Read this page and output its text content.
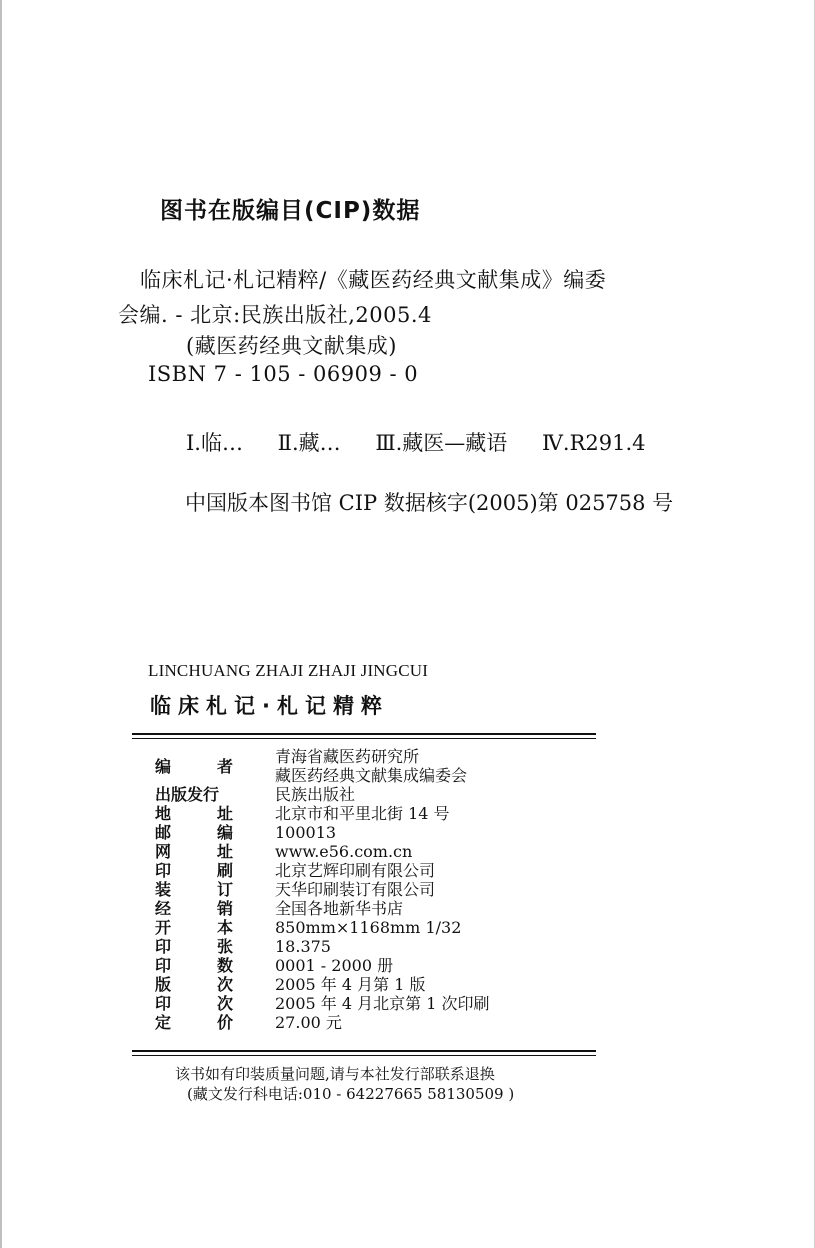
图书在版编目(CIP)数据
临床札记·札记精粹/《藏医药经典文献集成》编委
会编. - 北京:民族出版社,2005.4
(藏医药经典文献集成)
ISBN 7 - 105 - 06909 - 0
Ⅰ.临… Ⅱ.藏… Ⅲ.藏医—藏语 Ⅳ.R291.4
中国版本图书馆 CIP 数据核字(2005)第 025758 号
LINCHUANG ZHAJI ZHAJI JINGCUI
临床札记·札记精粹
编	者	青海省藏医药研究所
藏医药经典文献集成编委会
出版发行	民族出版社
地	址	北京市和平里北街 14 号
邮	编	100013
网	址	www.e56.com.cn
印	刷	北京艺辉印刷有限公司
装	订	天华印刷装订有限公司
经	销	全国各地新华书店
开	本	850mm×1168mm 1/32
印	张	18.375
印	数	0001 - 2000 册
版	次	2005 年 4 月第 1 版
印	次	2005 年 4 月北京第 1 次印刷
定	价	27.00 元
该书如有印装质量问题,请与本社发行部联系退换
(藏文发行科电话:010 - 64227665 58130509 )
